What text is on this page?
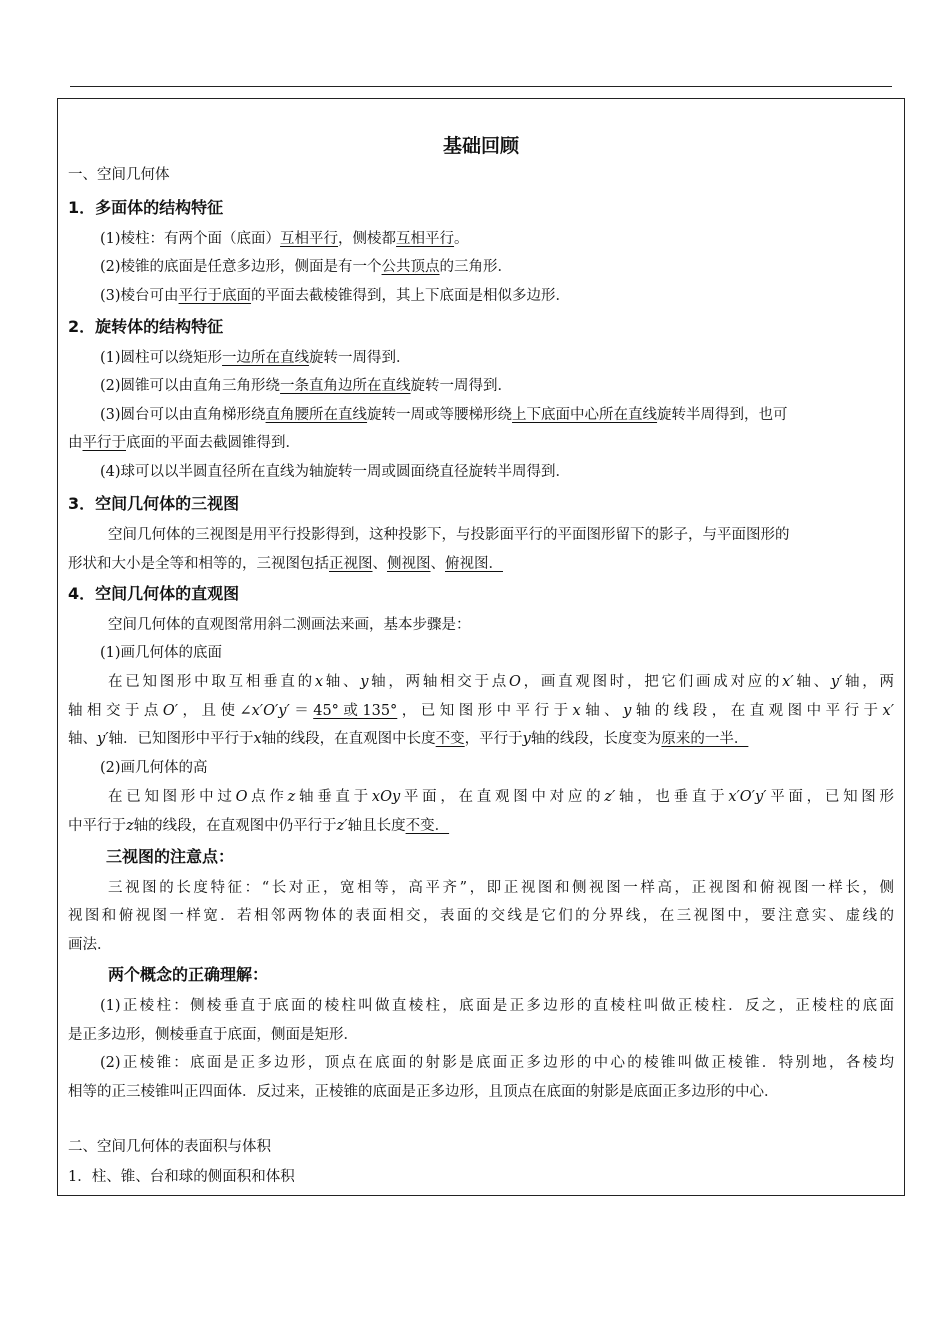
基础回顾
一、空间几何体
1．多面体的结构特征
(1)棱柱：有两个面（底面）互相平行，侧棱都互相平行。
(2)棱锥的底面是任意多边形，侧面是有一个公共顶点的三角形．
(3)棱台可由平行于底面的平面去截棱锥得到，其上下底面是相似多边形．
2．旋转体的结构特征
(1)圆柱可以绕矩形一边所在直线旋转一周得到．
(2)圆锥可以由直角三角形绕一条直角边所在直线旋转一周得到．
(3)圆台可以由直角梯形绕直角腰所在直线旋转一周或等腰梯形绕上下底面中心所在直线旋转半周得到，也可
由平行于底面的平面去截圆锥得到．
(4)球可以以半圆直径所在直线为轴旋转一周或圆面绕直径旋转半周得到．
3．空间几何体的三视图
空间几何体的三视图是用平行投影得到，这种投影下，与投影面平行的平面图形留下的影子，与平面图形的
形状和大小是全等和相等的，三视图包括正视图、侧视图、俯视图．
4．空间几何体的直观图
空间几何体的直观图常用斜二测画法来画，基本步骤是：
(1)画几何体的底面
在已知图形中取互相垂直的x轴、y轴，两轴相交于点O，画直观图时，把它们画成对应的x′轴、y′轴，两
轴相交于点O′，且使∠x′O′y′＝45°或135°，已知图形中平行于x轴、y轴的线段，在直观图中平行于x′
轴、y′轴．已知图形中平行于x轴的线段，在直观图中长度不变，平行于y轴的线段，长度变为原来的一半．
(2)画几何体的高
在已知图形中过O点作z轴垂直于xOy平面，在直观图中对应的z′轴，也垂直于x′O′y′平面，已知图形
中平行于z轴的线段，在直观图中仍平行于z′轴且长度不变．
三视图的注意点：
三视图的长度特征：“长对正，宽相等，高平齐”，即正视图和侧视图一样高，正视图和俯视图一样长，侧
视图和俯视图一样宽．若相邻两物体的表面相交，表面的交线是它们的分界线，在三视图中，要注意实、虚线的
画法．
两个概念的正确理解：
(1)正棱柱：侧棱垂直于底面的棱柱叫做直棱柱，底面是正多边形的直棱柱叫做正棱柱．反之，正棱柱的底面
是正多边形，侧棱垂直于底面，侧面是矩形．
(2)正棱锥：底面是正多边形，顶点在底面的射影是底面正多边形的中心的棱锥叫做正棱锥．特别地，各棱均
相等的正三棱锥叫正四面体．反过来，正棱锥的底面是正多边形，且顶点在底面的射影是底面正多边形的中心．
二、空间几何体的表面积与体积
1．柱、锥、台和球的侧面积和体积
